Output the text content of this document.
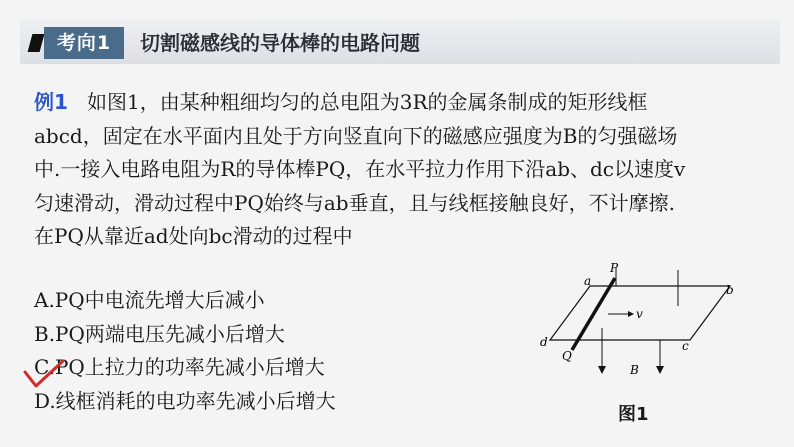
考向1	切割磁感线的导体棒的电路问题
例1 如图1，由某种粗细均匀的总电阻为3R的金属条制成的矩形线框
abcd，固定在水平面内且处于方向竖直向下的磁感应强度为B的匀强磁场
中.一接入电路电阻为R的导体棒PQ，在水平拉力作用下沿ab、dc以速度v
匀速滑动，滑动过程中PQ始终与ab垂直，且与线框接触良好，不计摩擦.
在PQ从靠近ad处向bc滑动的过程中
A.PQ中电流先增大后减小
B.PQ两端电压先减小后增大
C.PQ上拉力的功率先减小后增大
D.线框消耗的电功率先减小后增大
P
a
b
c
d
Q
v
B
图1
